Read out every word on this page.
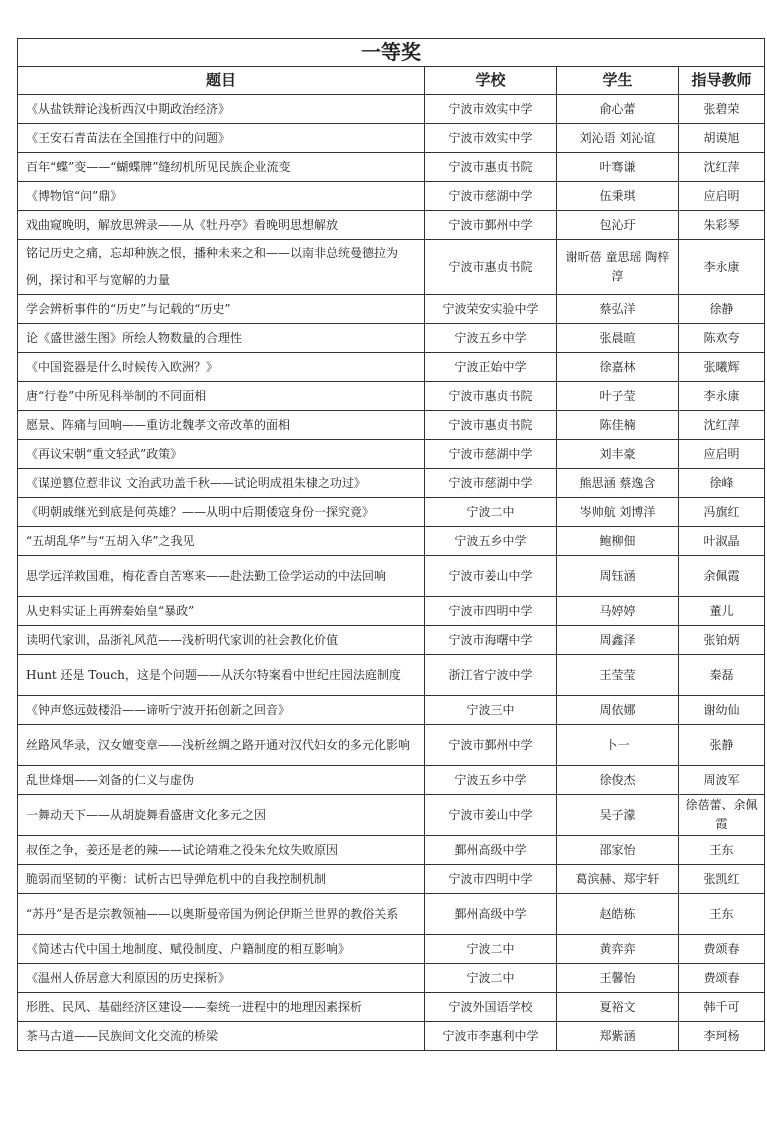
一等奖			
题目	学校	学生	指导教师
《从盐铁辩论浅析西汉中期政治经济》	宁波市效实中学	俞心蕾	张碧荣
《王安石青苗法在全国推行中的问题》	宁波市效实中学	刘沁语 刘沁谊	胡谟旭
百年“蝶”变——“蝴蝶牌”缝纫机所见民族企业流变	宁波市惠贞书院	叶骞谦	沈红萍
《博物馆“问”鼎》	宁波市慈湖中学	伍秉琪	应启明
戏曲窥晚明，解放思辨录——从《牡丹亭》看晚明思想解放	宁波市鄞州中学	包沁玗	朱彩琴
铭记历史之痛，忘却种族之恨，播种未来之和——以南非总统曼德拉为例，探讨和平与宽解的力量	宁波市惠贞书院	谢昕蓓 童思瑶 陶梓淳	李永康
学会辨析事件的“历史”与记载的“历史”	宁波荣安实验中学	蔡弘洋	徐静
论《盛世滋生图》所绘人物数量的合理性	宁波五乡中学	张晨暄	陈欢夸
《中国瓷器是什么时候传入欧洲？》	宁波正始中学	徐嘉林	张曦辉
唐“行卷”中所见科举制的不同面相	宁波市惠贞书院	叶子莹	李永康
愿景、阵痛与回响——重访北魏孝文帝改革的面相	宁波市惠贞书院	陈佳楠	沈红萍
《再议宋朝“重文轻武”政策》	宁波市慈湖中学	刘丰豪	应启明
《谋逆篡位惹非议 文治武功盖千秋——试论明成祖朱棣之功过》	宁波市慈湖中学	熊思涵 蔡逸含	徐峰
《明朝戚继光到底是何英雄？——从明中后期倭寇身份一探究竟》	宁波二中	岑帅航 刘博洋	冯旗红
“五胡乱华”与“五胡入华”之我见	宁波五乡中学	鲍柳佃	叶淑晶
思学远洋救国难，梅花香自苦寒来——赴法勤工俭学运动的中法回响	宁波市姜山中学	周钰涵	余佩霞
从史料实证上再辨秦始皇“暴政”	宁波市四明中学	马婷婷	董儿
读明代家训，品浙礼风范——浅析明代家训的社会教化价值	宁波市海曙中学	周鑫泽	张铂炳
Hunt 还是 Touch，这是个问题——从沃尔特案看中世纪庄园法庭制度	浙江省宁波中学	王莹莹	秦磊
《钟声悠远鼓楼沿——谛听宁波开拓创新之回音》	宁波三中	周依娜	谢幼仙
丝路风华录，汉女嬗变章——浅析丝绸之路开通对汉代妇女的多元化影响	宁波市鄞州中学	卜一	张静
乱世烽烟——刘备的仁义与虚伪	宁波五乡中学	徐俊杰	周波军
一舞动天下——从胡旋舞看盛唐文化多元之因	宁波市姜山中学	吴子濛	徐蓓蕾、余佩霞
叔侄之争，姜还是老的辣——试论靖难之役朱允炆失败原因	鄞州高级中学	邵家怡	王东
脆弱而坚韧的平衡：试析古巴导弹危机中的自我控制机制	宁波市四明中学	葛滨赫、郑宇轩	张凯红
“苏丹”是否是宗教领袖——以奥斯曼帝国为例论伊斯兰世界的教俗关系	鄞州高级中学	赵皓栋	王东
《简述古代中国土地制度、赋役制度、户籍制度的相互影响》	宁波二中	黄弈弈	费颂春
《温州人侨居意大利原因的历史探析》	宁波二中	王馨怡	费颂春
形胜、民风、基础经济区建设——秦统一进程中的地理因素探析	宁波外国语学校	夏裕文	韩千可
茶马古道——民族间文化交流的桥梁	宁波市李惠利中学	郑紫涵	李珂杨
